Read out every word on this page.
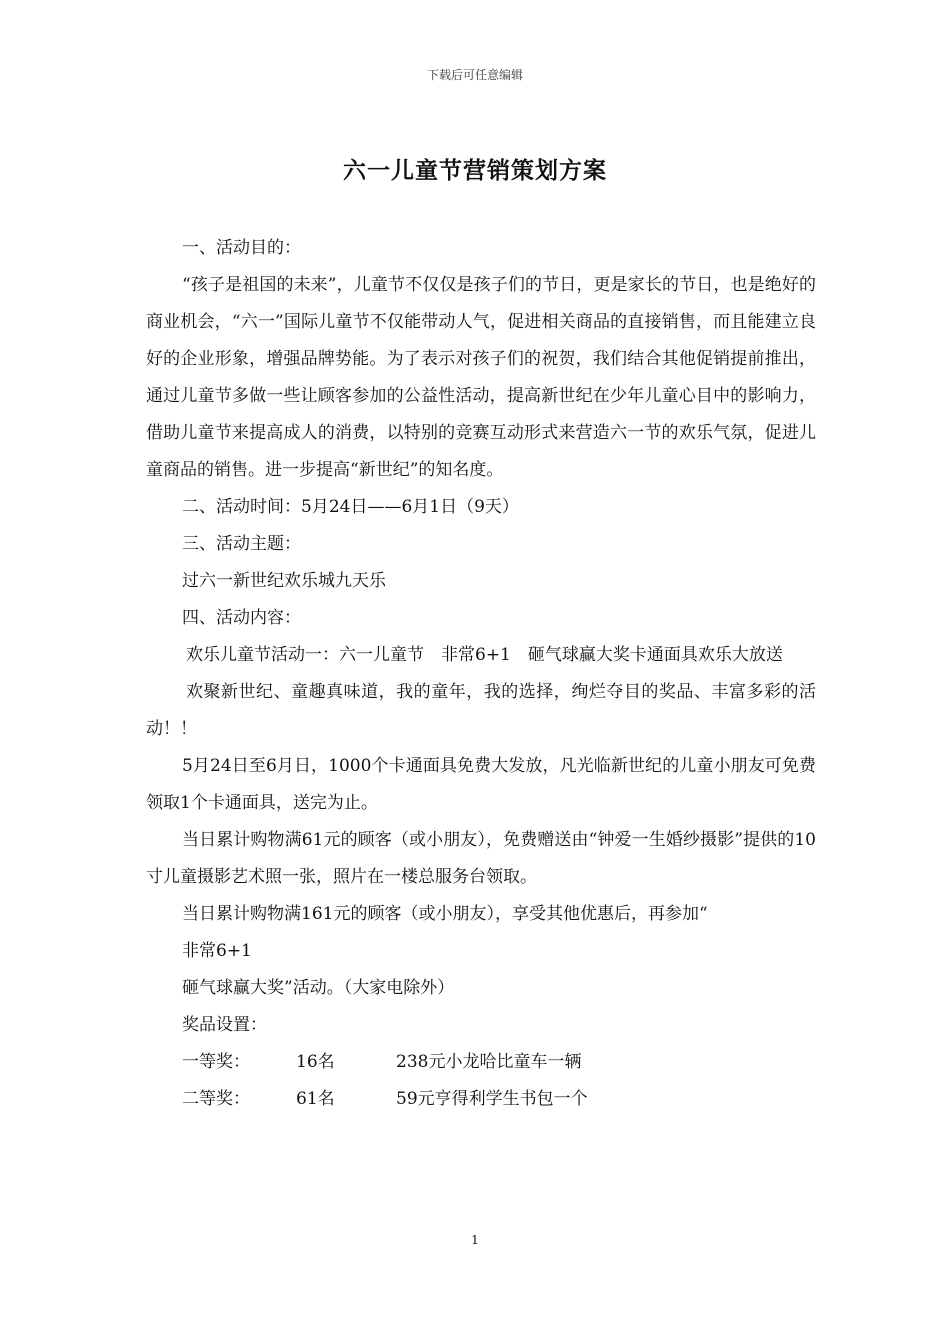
下载后可任意编辑
六一儿童节营销策划方案

一、活动目的：

“孩子是祖国的未来”，儿童节不仅仅是孩子们的节日，更是家长的节日，也是绝好的商业机会，“六一”国际儿童节不仅能带动人气，促进相关商品的直接销售，而且能建立良好的企业形象，增强品牌势能。为了表示对孩子们的祝贺，我们结合其他促销提前推出，通过儿童节多做一些让顾客参加的公益性活动，提高新世纪在少年儿童心目中的影响力，借助儿童节来提高成人的消费，以特别的竞赛互动形式来营造六一节的欢乐气氛，促进儿童商品的销售。进一步提高“新世纪”的知名度。

二、活动时间：5月24日——6月1日（9天）

三、活动主题：

过六一新世纪欢乐城九天乐

四、活动内容：

欢乐儿童节活动一：六一儿童节　非常6+1　砸气球赢大奖卡通面具欢乐大放送

欢聚新世纪、童趣真味道，我的童年，我的选择，绚烂夺目的奖品、丰富多彩的活动！！

5月24日至6月日，1000个卡通面具免费大发放，凡光临新世纪的儿童小朋友可免费领取1个卡通面具，送完为止。

当日累计购物满61元的顾客（或小朋友），免费赠送由“钟爱一生婚纱摄影”提供的10寸儿童摄影艺术照一张，照片在一楼总服务台领取。

当日累计购物满161元的顾客（或小朋友），享受其他优惠后，再参加“

非常6+1

砸气球赢大奖”活动。（大家电除外）

奖品设置：

一等奖：	16名	238元小龙哈比童车一辆
二等奖：	61名	59元亨得利学生书包一个
1
